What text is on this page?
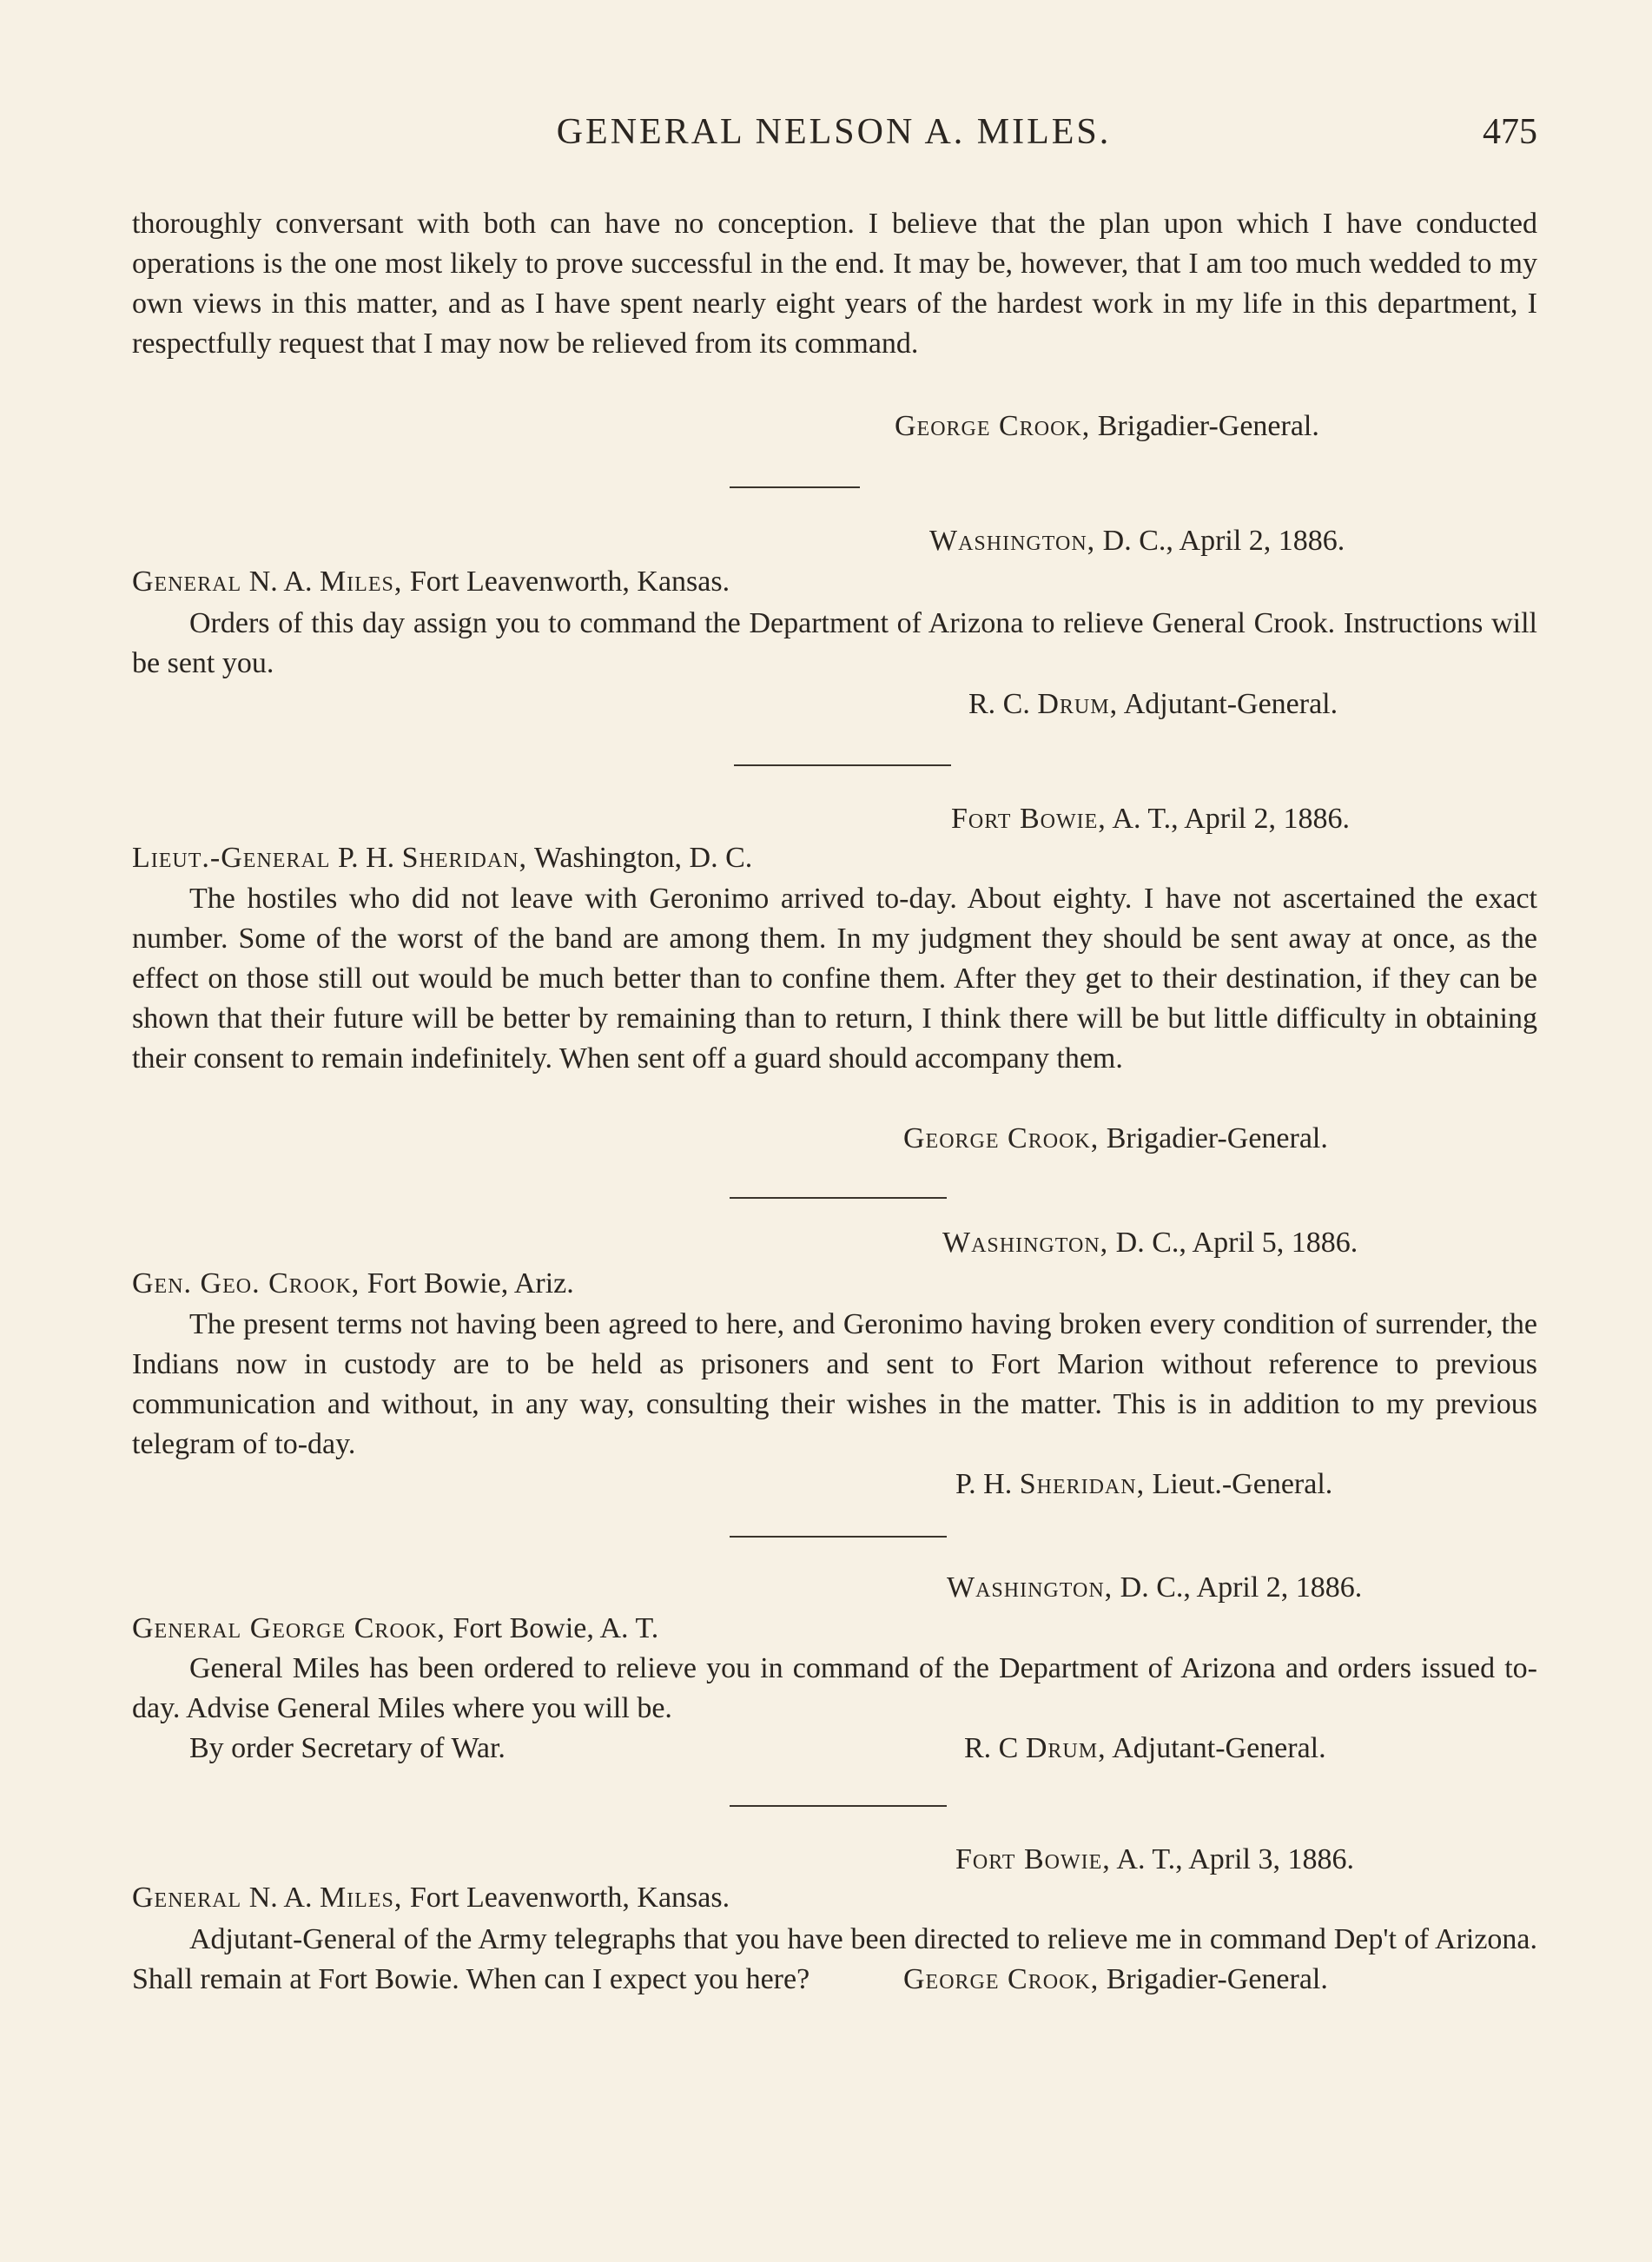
GENERAL NELSON A. MILES.	475
thoroughly conversant with both can have no conception. I believe that the plan upon which I have conducted operations is the one most likely to prove successful in the end. It may be, however, that I am too much wedded to my own views in this matter, and as I have spent nearly eight years of the hardest work in my life in this department, I respectfully request that I may now be relieved from its command.
George Crook, Brigadier-General.
Washington, D. C., April 2, 1886.
General N. A. Miles, Fort Leavenworth, Kansas.
Orders of this day assign you to command the Department of Arizona to relieve General Crook. Instructions will be sent you.
R. C. Drum, Adjutant-General.
Fort Bowie, A. T., April 2, 1886.
Lieut.-General P. H. Sheridan, Washington, D. C.
The hostiles who did not leave with Geronimo arrived to-day. About eighty. I have not ascertained the exact number. Some of the worst of the band are among them. In my judgment they should be sent away at once, as the effect on those still out would be much better than to confine them. After they get to their destination, if they can be shown that their future will be better by remaining than to return, I think there will be but little difficulty in obtaining their consent to remain indefinitely. When sent off a guard should accompany them.
George Crook, Brigadier-General.
Washington, D. C., April 5, 1886.
Gen. Geo. Crook, Fort Bowie, Ariz.
The present terms not having been agreed to here, and Geronimo having broken every condition of surrender, the Indians now in custody are to be held as prisoners and sent to Fort Marion without reference to previous communication and without, in any way, consulting their wishes in the matter. This is in addition to my previous telegram of to-day.
P. H. Sheridan, Lieut.-General.
Washington, D. C., April 2, 1886.
General George Crook, Fort Bowie, A. T.
General Miles has been ordered to relieve you in command of the Department of Arizona and orders issued to-day. Advise General Miles where you will be.
By order Secretary of War.	R. C Drum, Adjutant-General.
Fort Bowie, A. T., April 3, 1886.
General N. A. Miles, Fort Leavenworth, Kansas.
Adjutant-General of the Army telegraphs that you have been directed to relieve me in command Dep't of Arizona. Shall remain at Fort Bowie. When can I expect you here?	George Crook, Brigadier-General.
